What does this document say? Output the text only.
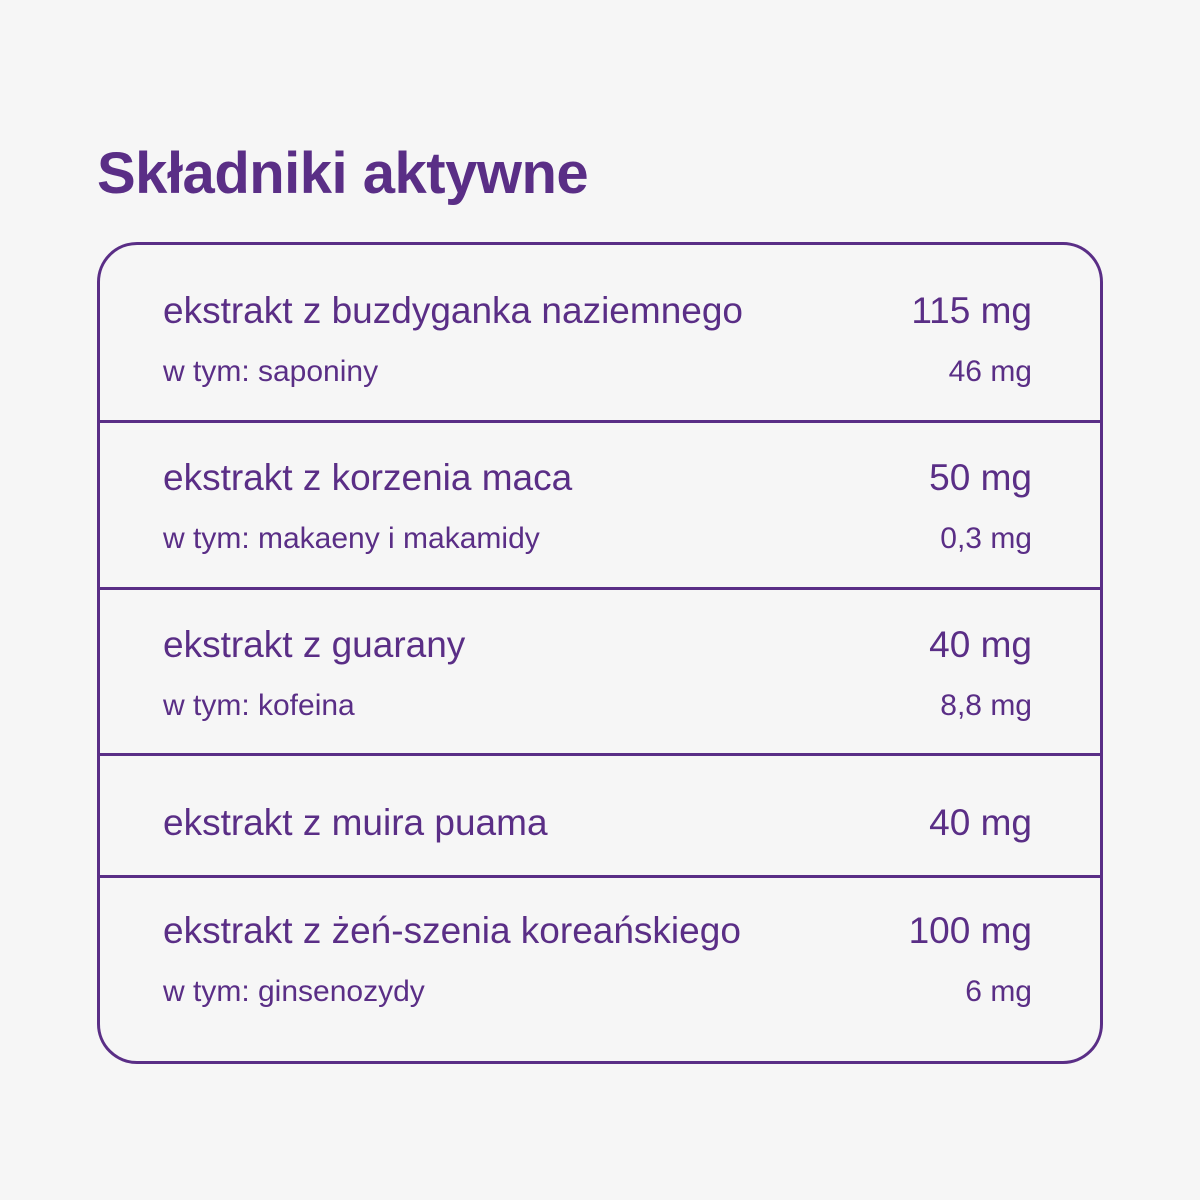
Składniki aktywne
ekstrakt z buzdyganka naziemnego	115 mg
w tym: saponiny	46 mg
ekstrakt z korzenia maca	50 mg
w tym: makaeny i makamidy	0,3 mg
ekstrakt z guarany	40 mg
w tym: kofeina	8,8 mg
ekstrakt z muira puama	40 mg
ekstrakt z żeń-szenia koreańskiego	100 mg
w tym: ginsenozydy	6 mg
